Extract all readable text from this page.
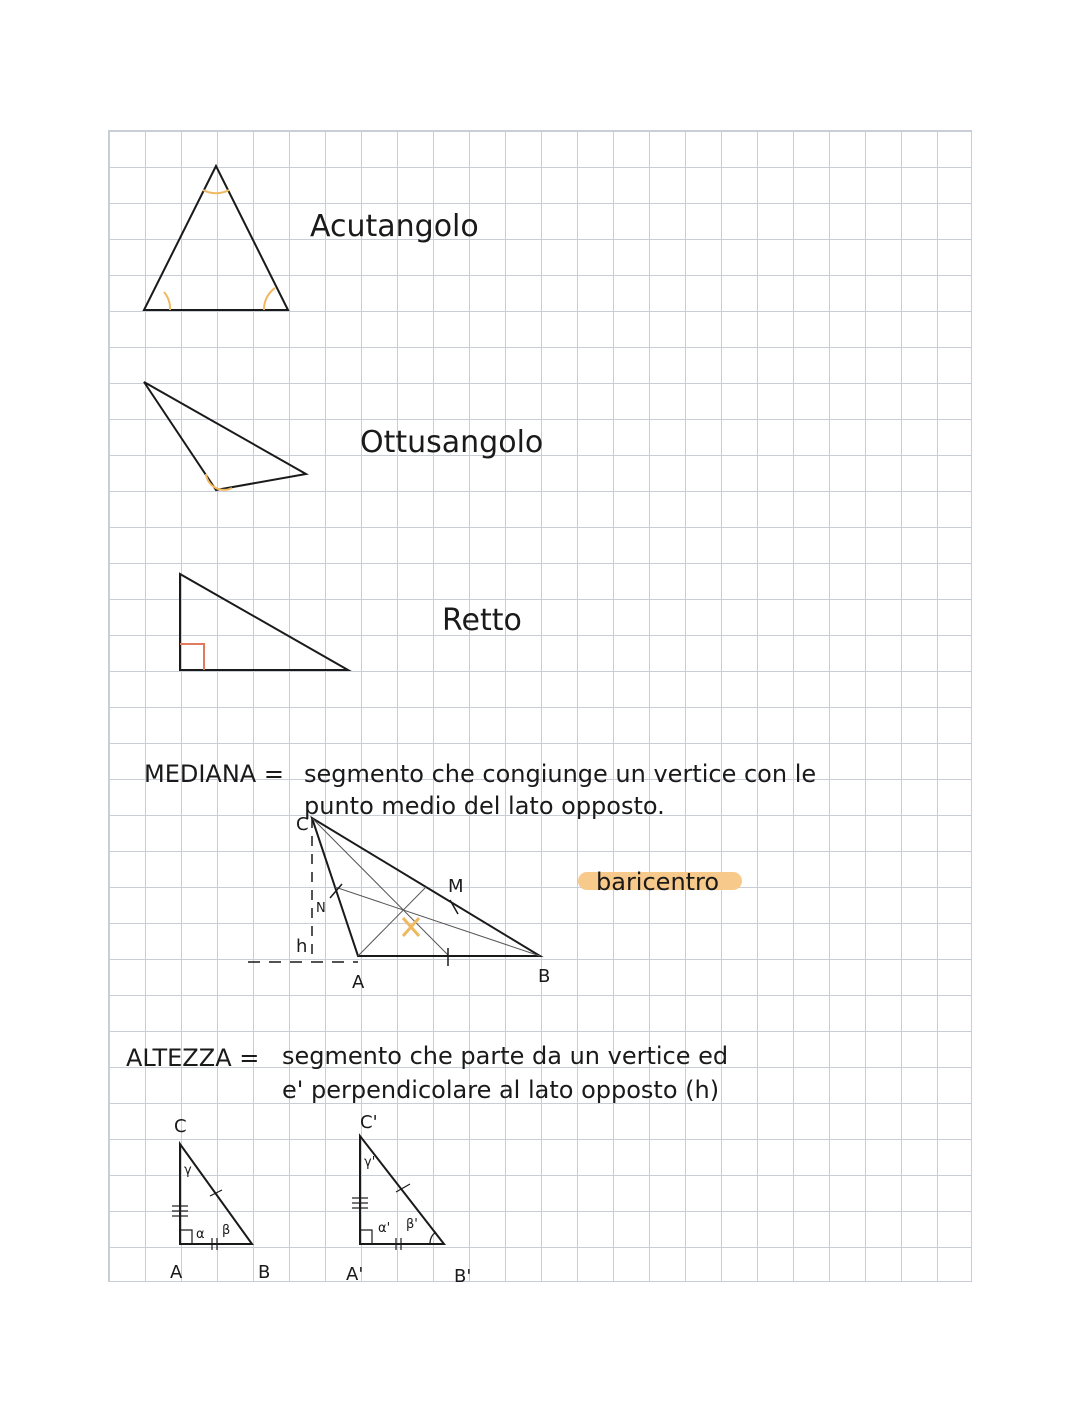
Acutangolo
Ottusangolo
Retto
MEDIANA = segmento che congiunge un vertice con le
punto medio del lato opposto.
C
A	B
M
N
h
baricentro
ALTEZZA = segmento che parte da un vertice ed
e' perpendicolare al lato opposto (h)
C
A	B
α β
γ
C'
A'	B'
α' β'
γ'
